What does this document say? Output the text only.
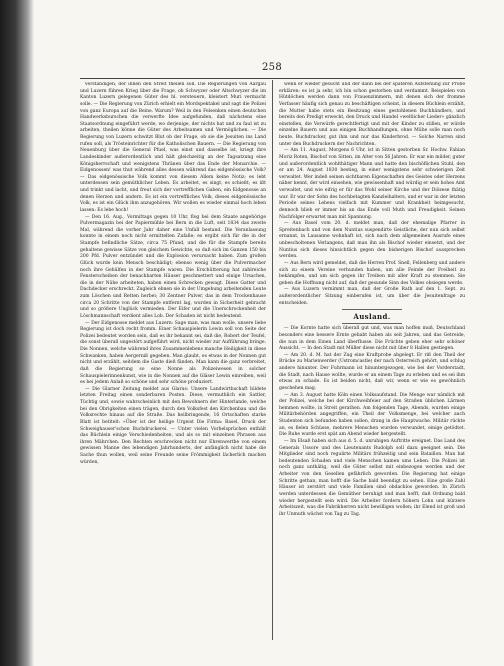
258

verständigen, der ihnen den Streit theilen soll. Die Regierungen von Aargau und Luzern führen Krieg über die Frage, ob Schwyzer oder Altschwyzer die im Kanton Luzern gelegenen Güter des hl. versteuern, kleistert Muri vermacht solle. — Die Regierung von Zürich erhielt ein Mordspektakel und sagt die Polizei von ganz Europa auf die Beine. Warum? Weil in den Felsenken einen deutschen Handwerksburschen die verwerfte Idee aufgefunden, daß nächstens eine Staatsordnung eingeführt werde, wo derjenige, der nichts hat und zu faul ist zu arbeiten, theilen könne die Güter des Arbeitsamen und Vermöglichen. — Die Regierung von Luzern schwitzt Blut ob der Frage, ob sie die Jesuiten ins Land rufen soll, als Trösteinrichter für die Katholischen Bauern. — Die Regierung von Neuenburg über die General Pfuel, was einst und dasselbe ist, kriegt ihre Landeskinder außerordentlich und hält gleichzeitig an der Tagsatzung eine Königsherrschaft und wenigstens Thränen über das Ende der Monarchie. — Eidgenossen! was thut während alles dessen während das eidgenössische Volk? — Das eidgenössische Volk kommt von diesem Allem keine Notiz; es lebt unterdessen sein gemüthlicher Leben. Es arbeitet, es singt, es schießt; es ißt und trinkt und lacht, und freut sich der vortrefflichen Gaben, ein Eidgenosse an denen Herzen und andern. Es ist ein vortreffliches Volk, dieses eidgenössische Volk, es ist ein Glück ihm anzugehören. Wir wollen es wieder einmal hoch leben lassen: Es lebe hoch!

— Den 16. Aug., Vormittags gegen 10 Uhr, flog bei dem Staate angehörige Pulvermagazin bei der Papiermühle bei Bern in die Luft, seit 1834 das zweite Mal, während die vorher Jahr daher eine Unfall bestand. Die Veranlassung konnte in einem noch nicht ermittelten Zufalle; es ergibt sich für die in der Stampfe befindliche Sätze, circa 75 Pfund, und die für die Stampfe bereits gehaltene gewisse Sätze von gleichem Gewichte, so daß sich im Ganzen 150 bis 200 Pfd. Pulver entzündet und die Explosion verursacht haben. Zum großen Glück wurde kein Mensch beschädigt; ebenso wenig über die Pulvermacher noch ihre Gehülfen in der Stampfe waren. Die Erschütterung hat zahlreiche Fensterscheiben der benachbarten Häuser geschmettert und einige Ursachen, die in der Nähe arbeiteten, haben einen Schrecken gewagt. Diese Gatter und Dachdecker erschreckt. Zugleich ebnen sie in der Umgebung arbeitenden Leute zum Löschen und Retten herbei; 30 Zentner Pulver, das in dem Trockenhause circa 20 Schritte von der Stampfe entfernt lag, wurden in Sicherheit gebracht und so größere Unglück vermieden. Der Eifer und die Unerschrockenheit der Löschmannschaft verdient alles Lob. Der Schaden ist nicht bedeutend.

— Der Eidgenosse meldet aus Luzern: Sage man, was man wolle, unsere liebe Regierung ist doch recht fromm. Einer Schauspielerin Lewin soll von Seite der Polizei bedeutet worden sein, daß es ihr bekannt sei, daß die, Robert der Teufel, die sonst überall ungestört aufgeführt wird, nicht wieder zur Aufführung bringe. Die Nonnen, welche während ihres Zusammenlebens manche Heiligkeit in diese Schwanken, haben Aergerniß gegeben. Man glaubt, es etwas in der Nonnen gut nicht und erzählt, seitdem die Gaste dieß fänden. Man kann die ganz verbreitet, daß die Regierung so eine Nonne als Polizeiwesen in solcher Schauspielerinnenkunst, wie in die Nonnen auf die Gläser Lewin einreiben, weil es bei jedem Anlaß so schöne und sehr schöne produziert.

— Die Glarner Zeitung meldet aus Glarus: Unsere Landwirthschaft bildete letzten Freitag einen sonderbaren Posten. Diese, vermuthlich ein Sattler, Tüchtig und, sowie wahrscheinlich mit den Bewohnern der Hinterlande, welche bei den Obrigkeiten einen trägen, durch den Volksfest den Kirchenbau und die Volksrechte hinaus auf die Straße. Das heilbringende, 16 Ortschaften starke Blatt ist betitelt: »Über ist der heilige Urgeist Die Firma: Basel, Druck der Schweighauser'schen Buchdruckerei. — Unter vielen Vorhelsprüchen enthält das Büchlein einige Verschiedenheiten, und als so mit einzelnen Phrasen aus ihren Mährchen. Den Rechten erschrecken nicht nur Ehrenwerthe von einem gewissen Manne des lebendigen Jahrhunderts, der anfänglich nicht habe die Sache thun wollen, weil seine Freunde seine Frömmigkeit lächerlich machen würden,

wenn er wieder gesucht und der dann bei der späteren Aufstehung zur Probe erklären: es ist ja sehr, ich bin schon gestorben und verdammt. Beispielen von Hütdöchen werden dann von Frauenzimmern, mit denen sich der fromme Verfasser häufig sich genau zu beschäftigen scheint, in diesem Büchlein erzählt, die Mutter habe stets ein Besitzung eines gestohlenen Buchhändlers, und bereits den Predigt erweckt, den Druck und Handel »weltlicher Lieder« gänzlich einstellen, die Vorwürfe gerechtfertigt und mit der Kinder zu stillen, er würde einzelne Bauern und aus einigen Buchhandlungen, ohne Mühe solle man noch heute. Buchdrucker, gut ihm und nur das Kinderbrod. — Solche Narren sind unter den Buchdruckern der Nachrichten.

— Am 11. August, Morgens 6 Uhr, ist in Sitten gestorben Sr. Hochw. Fabian Moriz Roten, Bischof von Sitten, im Alter von 56 Jahren. Er war ein milder, guter und außerordentlich wohlthätiger Mann und hatte den bischöflichen Stuhl, den er am 24. August 1830 bestieg, in einer wenigstens sehr schwierigen Zeit verwaltet. Wer indeß seinen sichtbaren Eigenschaften des Geistes oder Herzens näher kennt, der wird einsehen, wie gewissenhaft und würdig er sein hohes Amt verwaltet, und wie eifrig er für das Wohl seiner Kirche und der Diözese thätig war. Er war der Sohn des hochbetagten Kanzleihalters, und er war in der letzten Periode seines Lebens vielfach mit Kummer und Krankheit heimgesucht, dennoch blieb er immer bis an das Ende voll Muth und Freudigkeit. Seinen Nachfolger erwartet man mit Spannung.

— Aus Basel vom 20. d. meldet man, daß der ehemalige Pfarrer in Spreitenbach und von dem Nuntius suspendirte Geistliche, der nun sich selbst ernannt, in Lausanne wohnhaft ist, sich nach dem allgemeinen Ausrufe eines unbescholtenen Verlangens, daß man ihn als Bischof wieder einsetzt, und der Nuntius sich dieses hinsichtlich gegen den bisherigen Bischof aussprechen werden.

— Aus Bern wird gemeldet, daß die Herren Prof. Snell, Fellenberg und andere sich zu einem Vereine verbunden haben, um alle Feinde der Freiheit zu bekämpfen, und um sich gegen ihr Treiben mit aller Kraft zu stemmen. Sie geben die Hoffnung nicht auf, daß der gesunde Sinn des Volkes obsiegen werde.

— Aus Luzern vernimmt man, daß der Große Rath auf den 1. Sept. zu außerordentlicher Sitzung einberufen ist, um über die Jesuitenfrage zu entscheiden.

Ausland.

— Die Kornte hatte sich überall gut und, was man hoffen muß, Deutschland besonders eine bessere Ernte gehabt haben als seit Jahren, und das Getreide, die nun in dem Einen Land überflusse. Die Früchte geben eher sehr schöner Aussicht. — In den Stadt mit Müller diese nicht mit über 8 Hallen gestiegen.

— Am 20. d. M. hat der Zug eine Kraftprobe abgelegt. Er riß den Theil der Brücke zu Marienwerder (Ustromcastle) der nach Osterreich gehört, und schlug andere hinunter. Der Fuhrmann ist hinuntergezogen, wie bei der Vorderstadt, die Stadt, nach Hause wollte, wurde er an einem Tage zu erleben und es sei ihm etwas zu schade. Es ist beiden nicht, daß wir, wenn er wie es gewöhnlich geschehen mag.

— Am 3. August hatte Köln einen Volksaufstand. Die Menge war nämlich mit der Polizei, welche bei der Kirchweihfeier auf den Straßen üblichen Lärmen hemmen wollte, in Streit gerathen. Am folgenden Tage, Abends, wurden einige Militärbehörden angegriffen, ein Theil der Volksmenge, bei welcher auch Studenten sich befunden haben sollen, drang in die Hauptwache. Militär rückte an, es fielen Schüsse, mehrere Menschen wurden verwundet, einige getödtet. Die Ruhe wurde erst spät am Abend wieder hergestellt.

— Im Elsaß haben sich aus d. 5. d. unruhigen Auftritte ereignet. Das Land des Generals Ussore und des Lieutenants Rudolph soll dazu geeignet sein. Die Mitglieder sind noch regulirte Militärs frühzeitig und sein Bataillon. Man hat bedeutenden Schaden und viele Menschen kamen ums Leben. Die Polizei ist noch ganz unthätig, weil die Güter selbst mit einbezogen werden und der Arbeiter von den Gesellen gefährlich geworden. Die Regierung hat einige Schritte gethan, man hofft die Sache bald beendigt zu sehen. Eine große Zahl Häuser ist zerstört und viele Familien sind obdachlos geworden. In Zürich werden unterdessen die Gemüther beruhigt und man hofft, daß Ordnung bald wieder hergestellt sein wird. Die Arbeiter fordern höhern Lohn und kürzere Arbeitszeit, was die Fabrikherren nicht bewilligen wollen; ihr Elend ist groß und ihr Unmuth wächst von Tag zu Tag.
